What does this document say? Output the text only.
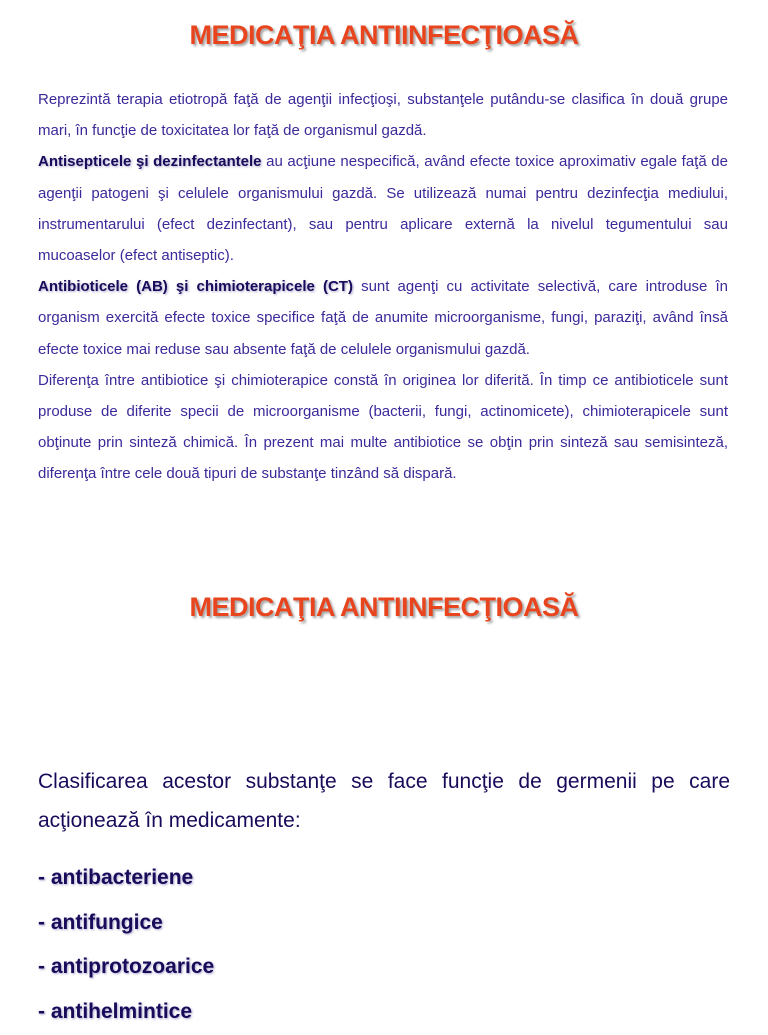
MEDICAŢIA ANTIINFECŢIOASĂ

Reprezintă terapia etiotropă faţă de agenţii infecţioşi, substanţele putându-se clasifica în două grupe mari, în funcţie de toxicitatea lor faţă de organismul gazdă.

Antisepticele şi dezinfectantele au acţiune nespecifică, având efecte toxice aproximativ egale faţă de agenţii patogeni şi celulele organismului gazdă. Se utilizează numai pentru dezinfecţia mediului, instrumentarului (efect dezinfectant), sau pentru aplicare externă la nivelul tegumentului sau mucoaselor (efect antiseptic).

Antibioticele (AB) şi chimioterapicele (CT) sunt agenţi cu activitate selectivă, care introduse în organism exercită efecte toxice specifice faţă de anumite microorganisme, fungi, paraziţi, având însă efecte toxice mai reduse sau absente faţă de celulele organismului gazdă.

Diferenţa între antibiotice şi chimioterapice constă în originea lor diferită. În timp ce antibioticele sunt produse de diferite specii de microorganisme (bacterii, fungi, actinomicete), chimioterapicele sunt obţinute prin sinteză chimică. În prezent mai multe antibiotice se obţin prin sinteză sau semisinteză, diferenţa între cele două tipuri de substanţe tinzând să dispară.

MEDICAŢIA ANTIINFECŢIOASĂ

Clasificarea acestor substanţe se face funcţie de germenii pe care acţionează în medicamente:

- antibacteriene
- antifungice
- antiprotozoarice
- antihelmintice
